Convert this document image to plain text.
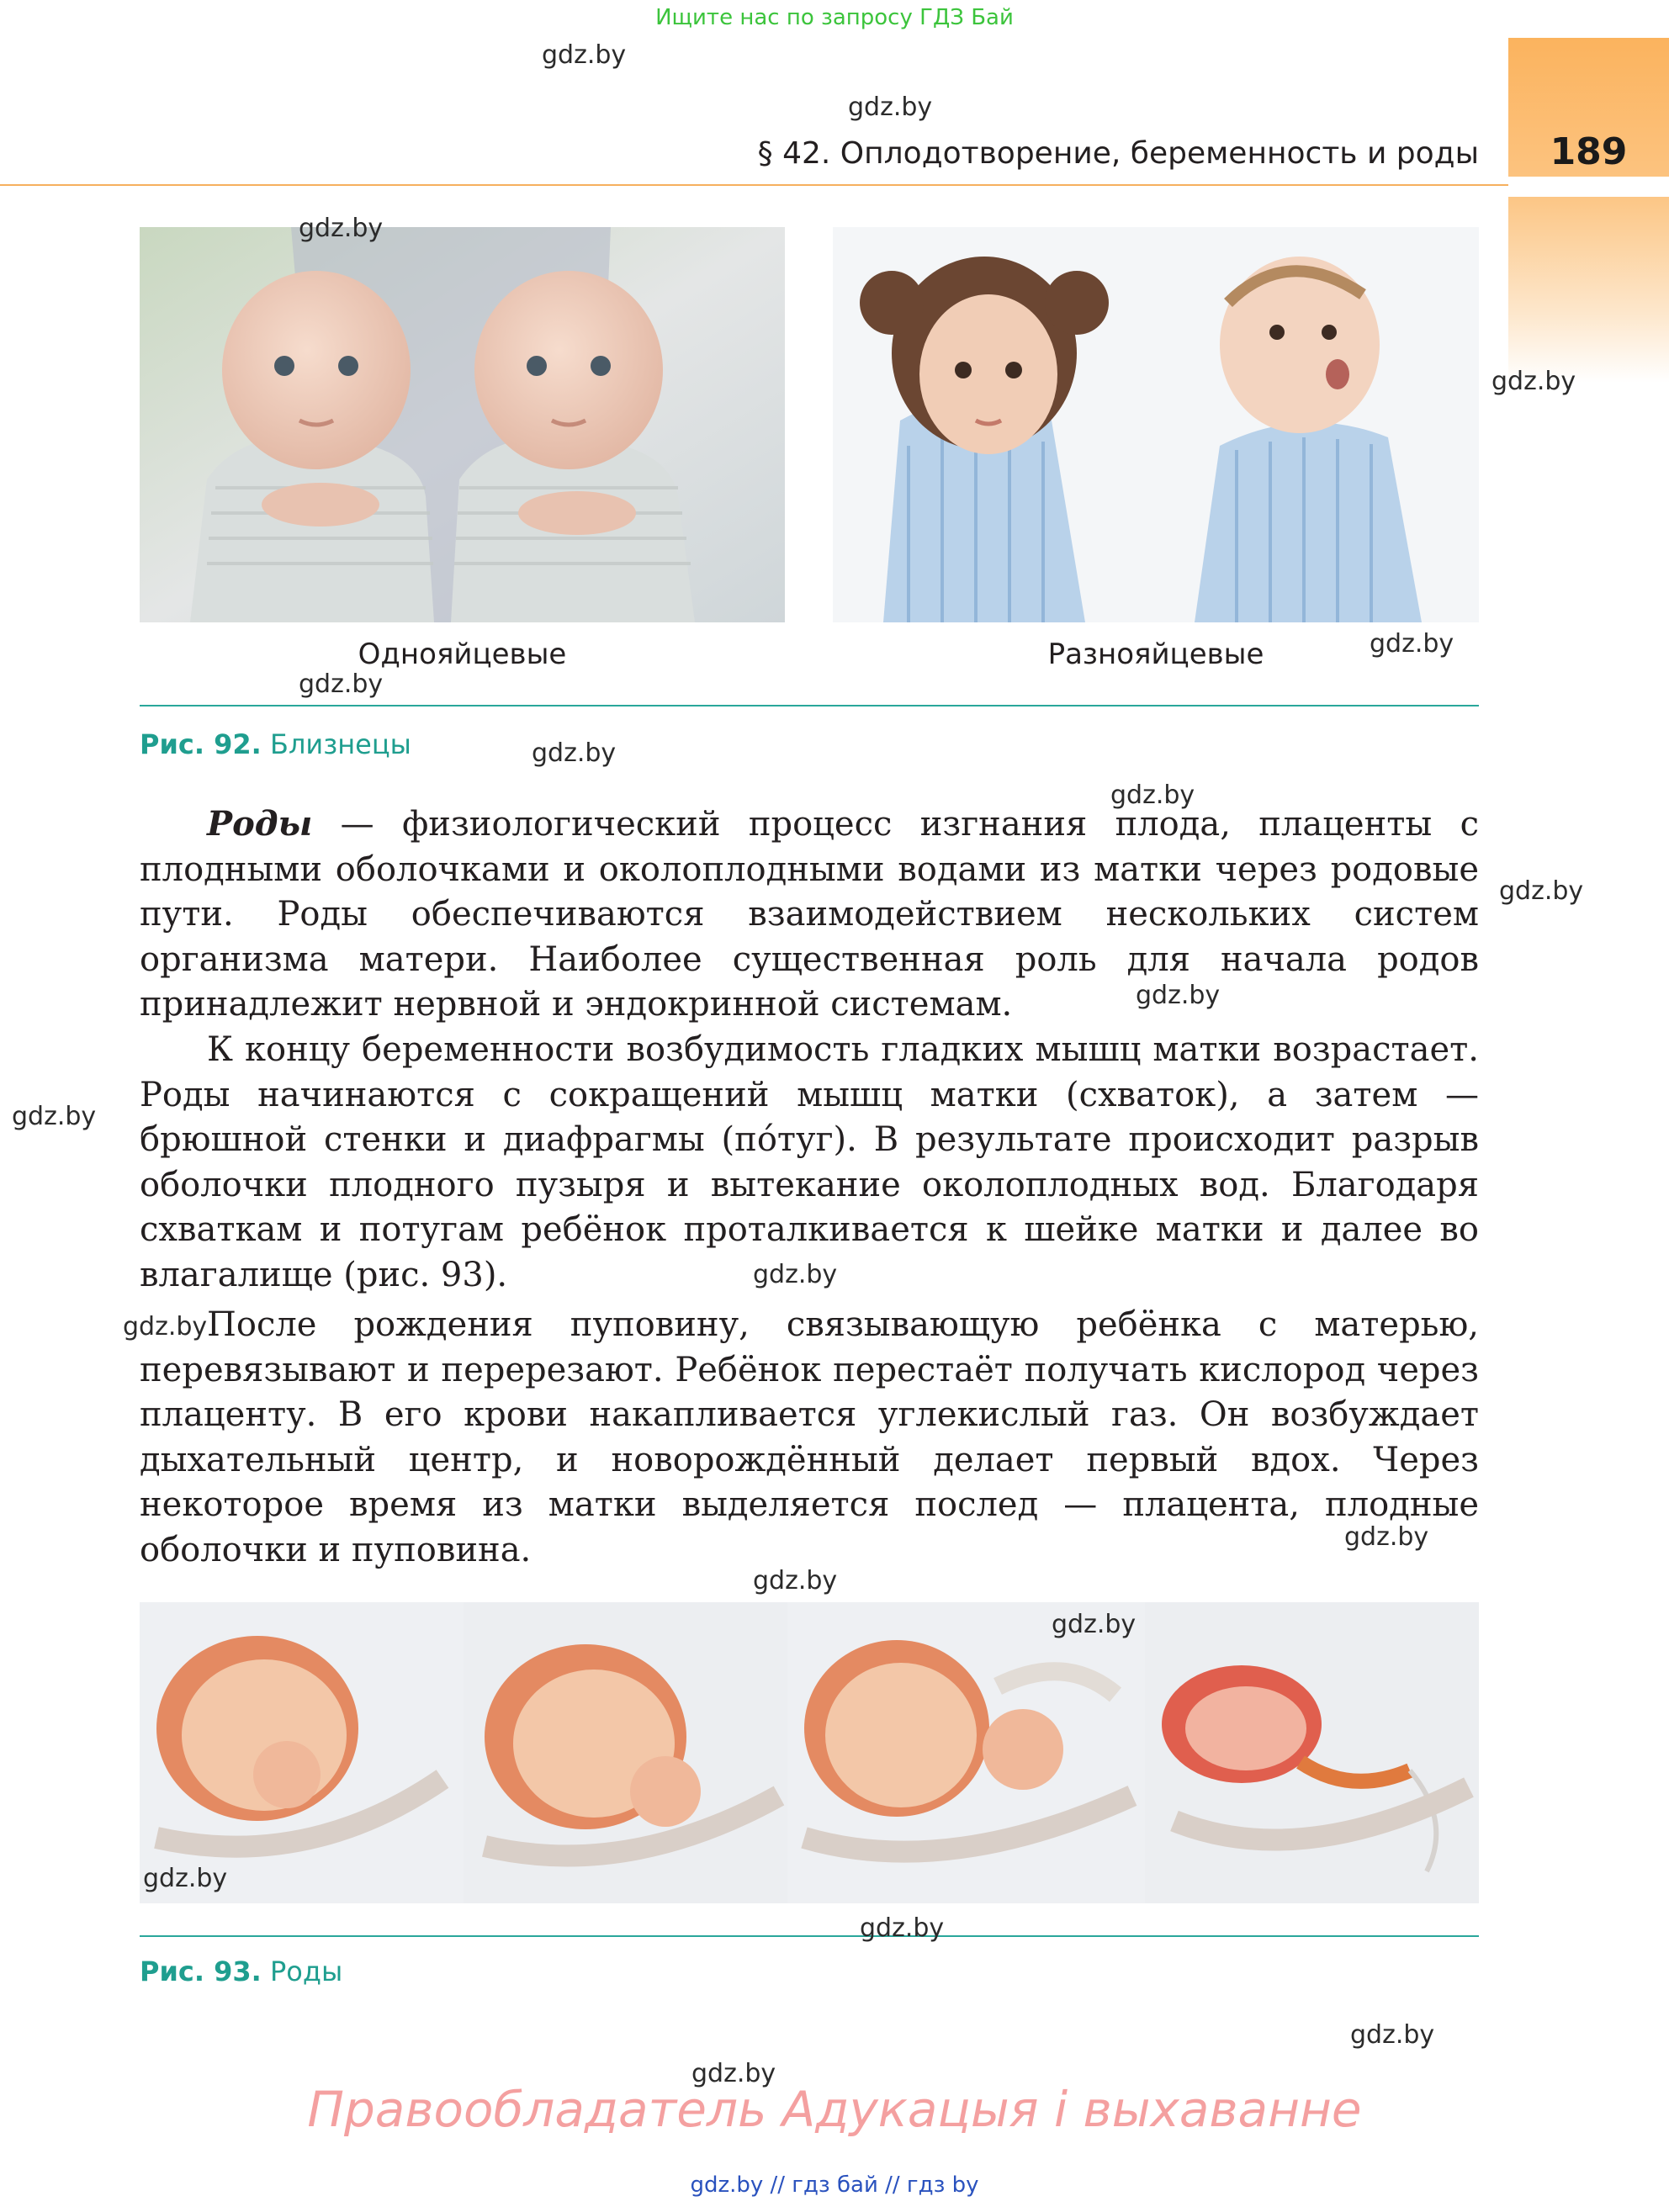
Ищите нас по запросу ГДЗ Бай
189
§ 42. Оплодотворение, беременность и роды
Однояйцевые	Разнояйцевые
Рис. 92. Близнецы

Роды — физиологический процесс изгнания плода, плаценты с плодными оболочками и околоплодными водами из матки через родовые пути. Роды обеспечиваются взаимодействием нескольких систем организма матери. Наиболее существенная роль для начала родов принадлежит нервной и эндокринной системам.

К концу беременности возбудимость гладких мышц матки возрастает. Роды начинаются с сокращений мышц матки (схваток), а затем — брюшной стенки и диафрагмы (по́туг). В результате происходит разрыв оболочки плодного пузыря и вытекание околоплодных вод. Благодаря схваткам и потугам ребёнок проталкивается к шейке матки и далее во влагалище (рис. 93).

После рождения пуповину, связывающую ребёнка с матерью, перевязывают и перерезают. Ребёнок перестаёт получать кислород через плаценту. В его крови накапливается углекислый газ. Он возбуждает дыхательный центр, и новорождённый делает первый вдох. Через некоторое время из матки выделяется послед — плацента, плодные оболочки и пуповина.

Рис. 93. Роды
gdz.by
gdz.by
gdz.by
gdz.by
gdz.by
gdz.by
gdz.by
gdz.by
gdz.by
gdz.by
gdz.by
gdz.by
gdz.by
gdz.by
gdz.by
gdz.by
gdz.by
gdz.by
gdz.by
gdz.by
Правообладатель Адукацыя і выхаванне
gdz.by // гдз бай // гдз by
